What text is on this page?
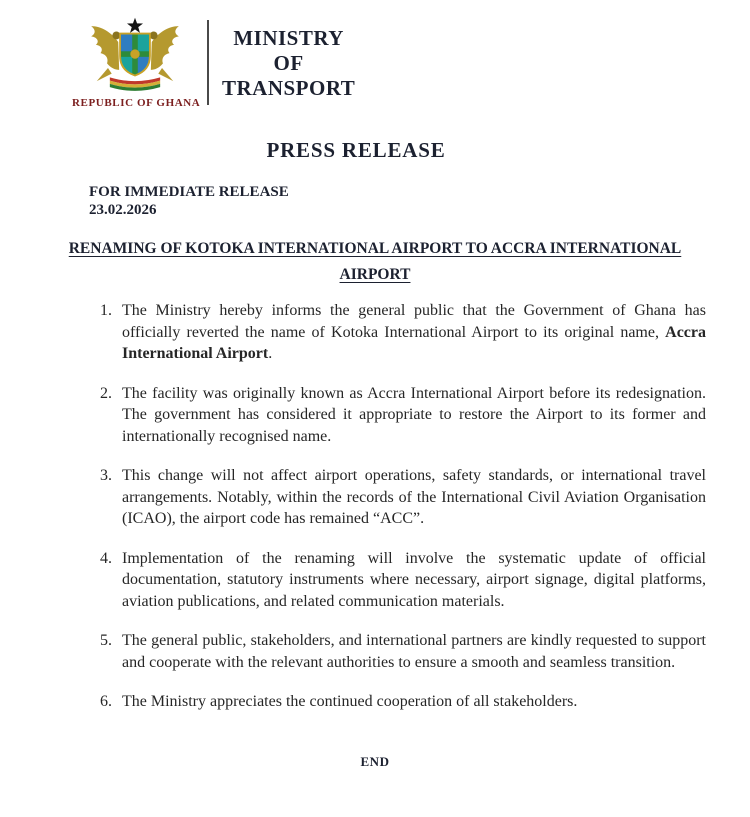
REPUBLIC OF GHANA
MINISTRY
OF
TRANSPORT
PRESS RELEASE
FOR IMMEDIATE RELEASE
23.02.2026
RENAMING OF KOTOKA INTERNATIONAL AIRPORT TO ACCRA INTERNATIONAL
AIRPORT
1. The Ministry hereby informs the general public that the Government of Ghana has officially reverted the name of Kotoka International Airport to its original name, Accra International Airport.
2. The facility was originally known as Accra International Airport before its redesignation. The government has considered it appropriate to restore the Airport to its former and internationally recognised name.
3. This change will not affect airport operations, safety standards, or international travel arrangements. Notably, within the records of the International Civil Aviation Organisation (ICAO), the airport code has remained “ACC”.
4. Implementation of the renaming will involve the systematic update of official documentation, statutory instruments where necessary, airport signage, digital platforms, aviation publications, and related communication materials.
5. The general public, stakeholders, and international partners are kindly requested to support and cooperate with the relevant authorities to ensure a smooth and seamless transition.
6. The Ministry appreciates the continued cooperation of all stakeholders.
END
